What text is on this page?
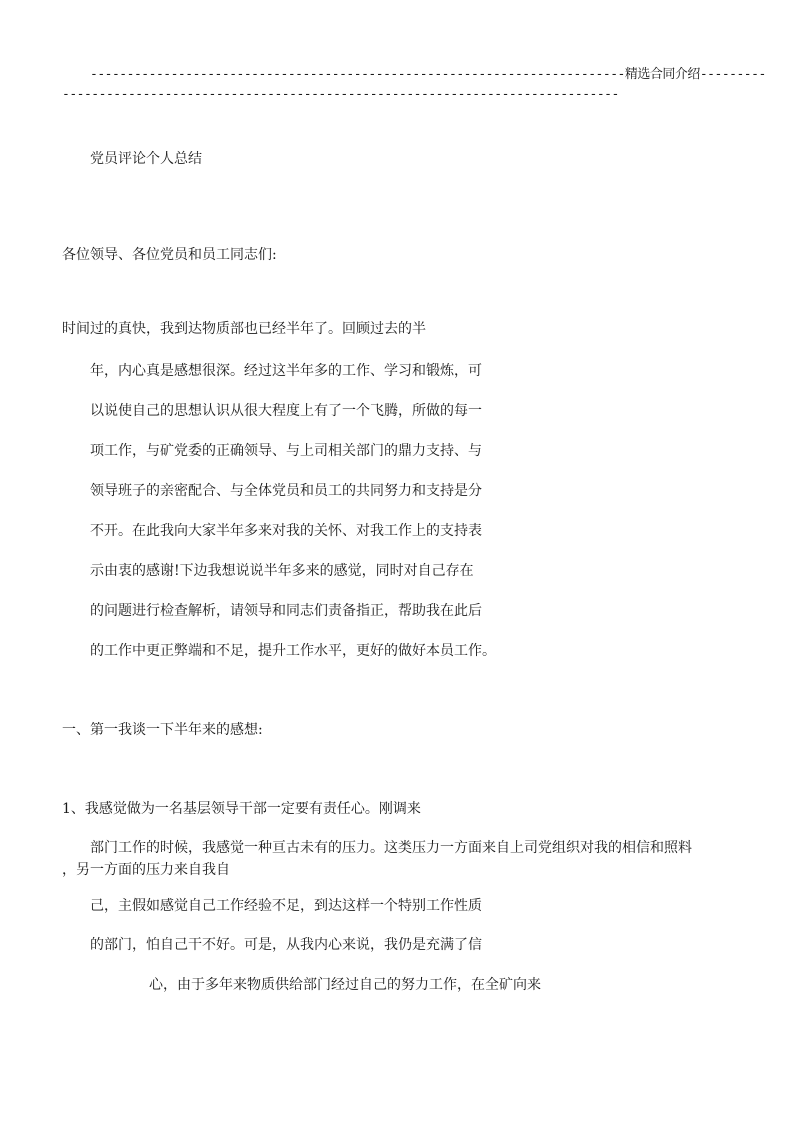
-------------------------------------------------------------------------精选合同介绍---------
----------------------------------------------------------------------------
党员评论个人总结
各位领导、各位党员和员工同志们:
时间过的真快，我到达物质部也已经半年了。回顾过去的半
年，内心真是感想很深。经过这半年多的工作、学习和锻炼，可
以说使自己的思想认识从很大程度上有了一个飞腾，所做的每一
项工作，与矿党委的正确领导、与上司相关部门的鼎力支持、与
领导班子的亲密配合、与全体党员和员工的共同努力和支持是分
不开。在此我向大家半年多来对我的关怀、对我工作上的支持表
示由衷的感谢!下边我想说说半年多来的感觉，同时对自己存在
的问题进行检查解析，请领导和同志们责备指正，帮助我在此后
的工作中更正弊端和不足，提升工作水平，更好的做好本员工作。
一、第一我谈一下半年来的感想:
1、我感觉做为一名基层领导干部一定要有责任心。刚调来
部门工作的时候，我感觉一种亘古未有的压力。这类压力一方面来自上司党组织对我的相信和照料
，另一方面的压力来自我自
己，主假如感觉自己工作经验不足，到达这样一个特别工作性质
的部门，怕自己干不好。可是，从我内心来说，我仍是充满了信
心，由于多年来物质供给部门经过自己的努力工作，在全矿向来
